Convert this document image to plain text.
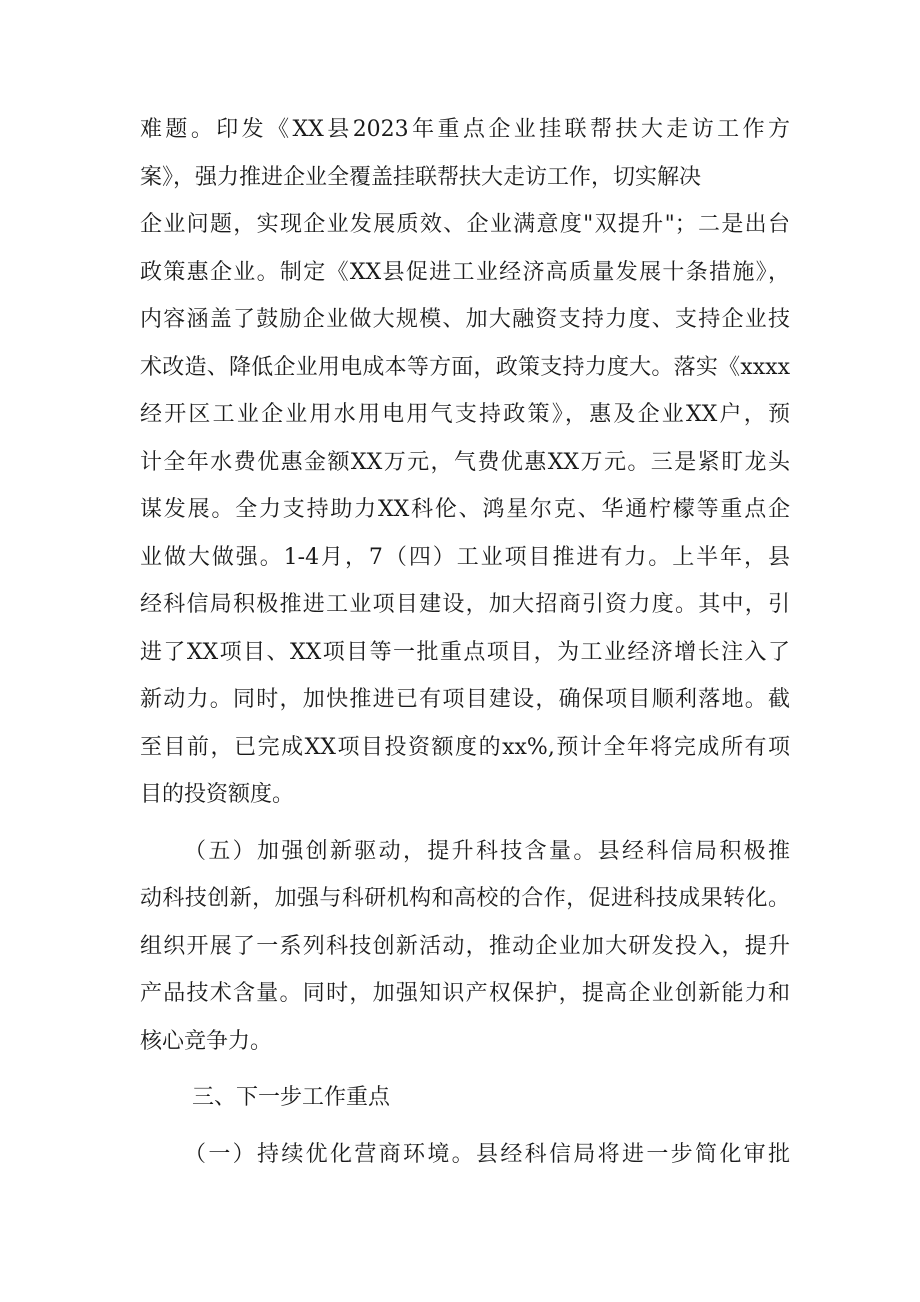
难题。印发《XX县2023年重点企业挂联帮扶大走访工作方
案》，强力推进企业全覆盖挂联帮扶大走访工作，切实解决
企业问题，实现企业发展质效、企业满意度"双提升"；二是出台
政策惠企业。制定《XX县促进工业经济高质量发展十条措施》，
内容涵盖了鼓励企业做大规模、加大融资支持力度、支持企业技
术改造、降低企业用电成本等方面，政策支持力度大。落实《xxxx
经开区工业企业用水用电用气支持政策》，惠及企业XX户，预
计全年水费优惠金额XX万元，气费优惠XX万元。三是紧盯龙头
谋发展。全力支持助力XX科伦、鸿星尔克、华通柠檬等重点企
业做大做强。1-4月，7（四）工业项目推进有力。上半年，县
经科信局积极推进工业项目建设，加大招商引资力度。其中，引
进了XX项目、XX项目等一批重点项目，为工业经济增长注入了
新动力。同时，加快推进已有项目建设，确保项目顺利落地。截
至目前，已完成XX项目投资额度的xx%,预计全年将完成所有项
目的投资额度。
（五）加强创新驱动，提升科技含量。县经科信局积极推
动科技创新，加强与科研机构和高校的合作，促进科技成果转化。
组织开展了一系列科技创新活动，推动企业加大研发投入，提升
产品技术含量。同时，加强知识产权保护，提高企业创新能力和
核心竞争力。
三、下一步工作重点
（一）持续优化营商环境。县经科信局将进一步简化审批
